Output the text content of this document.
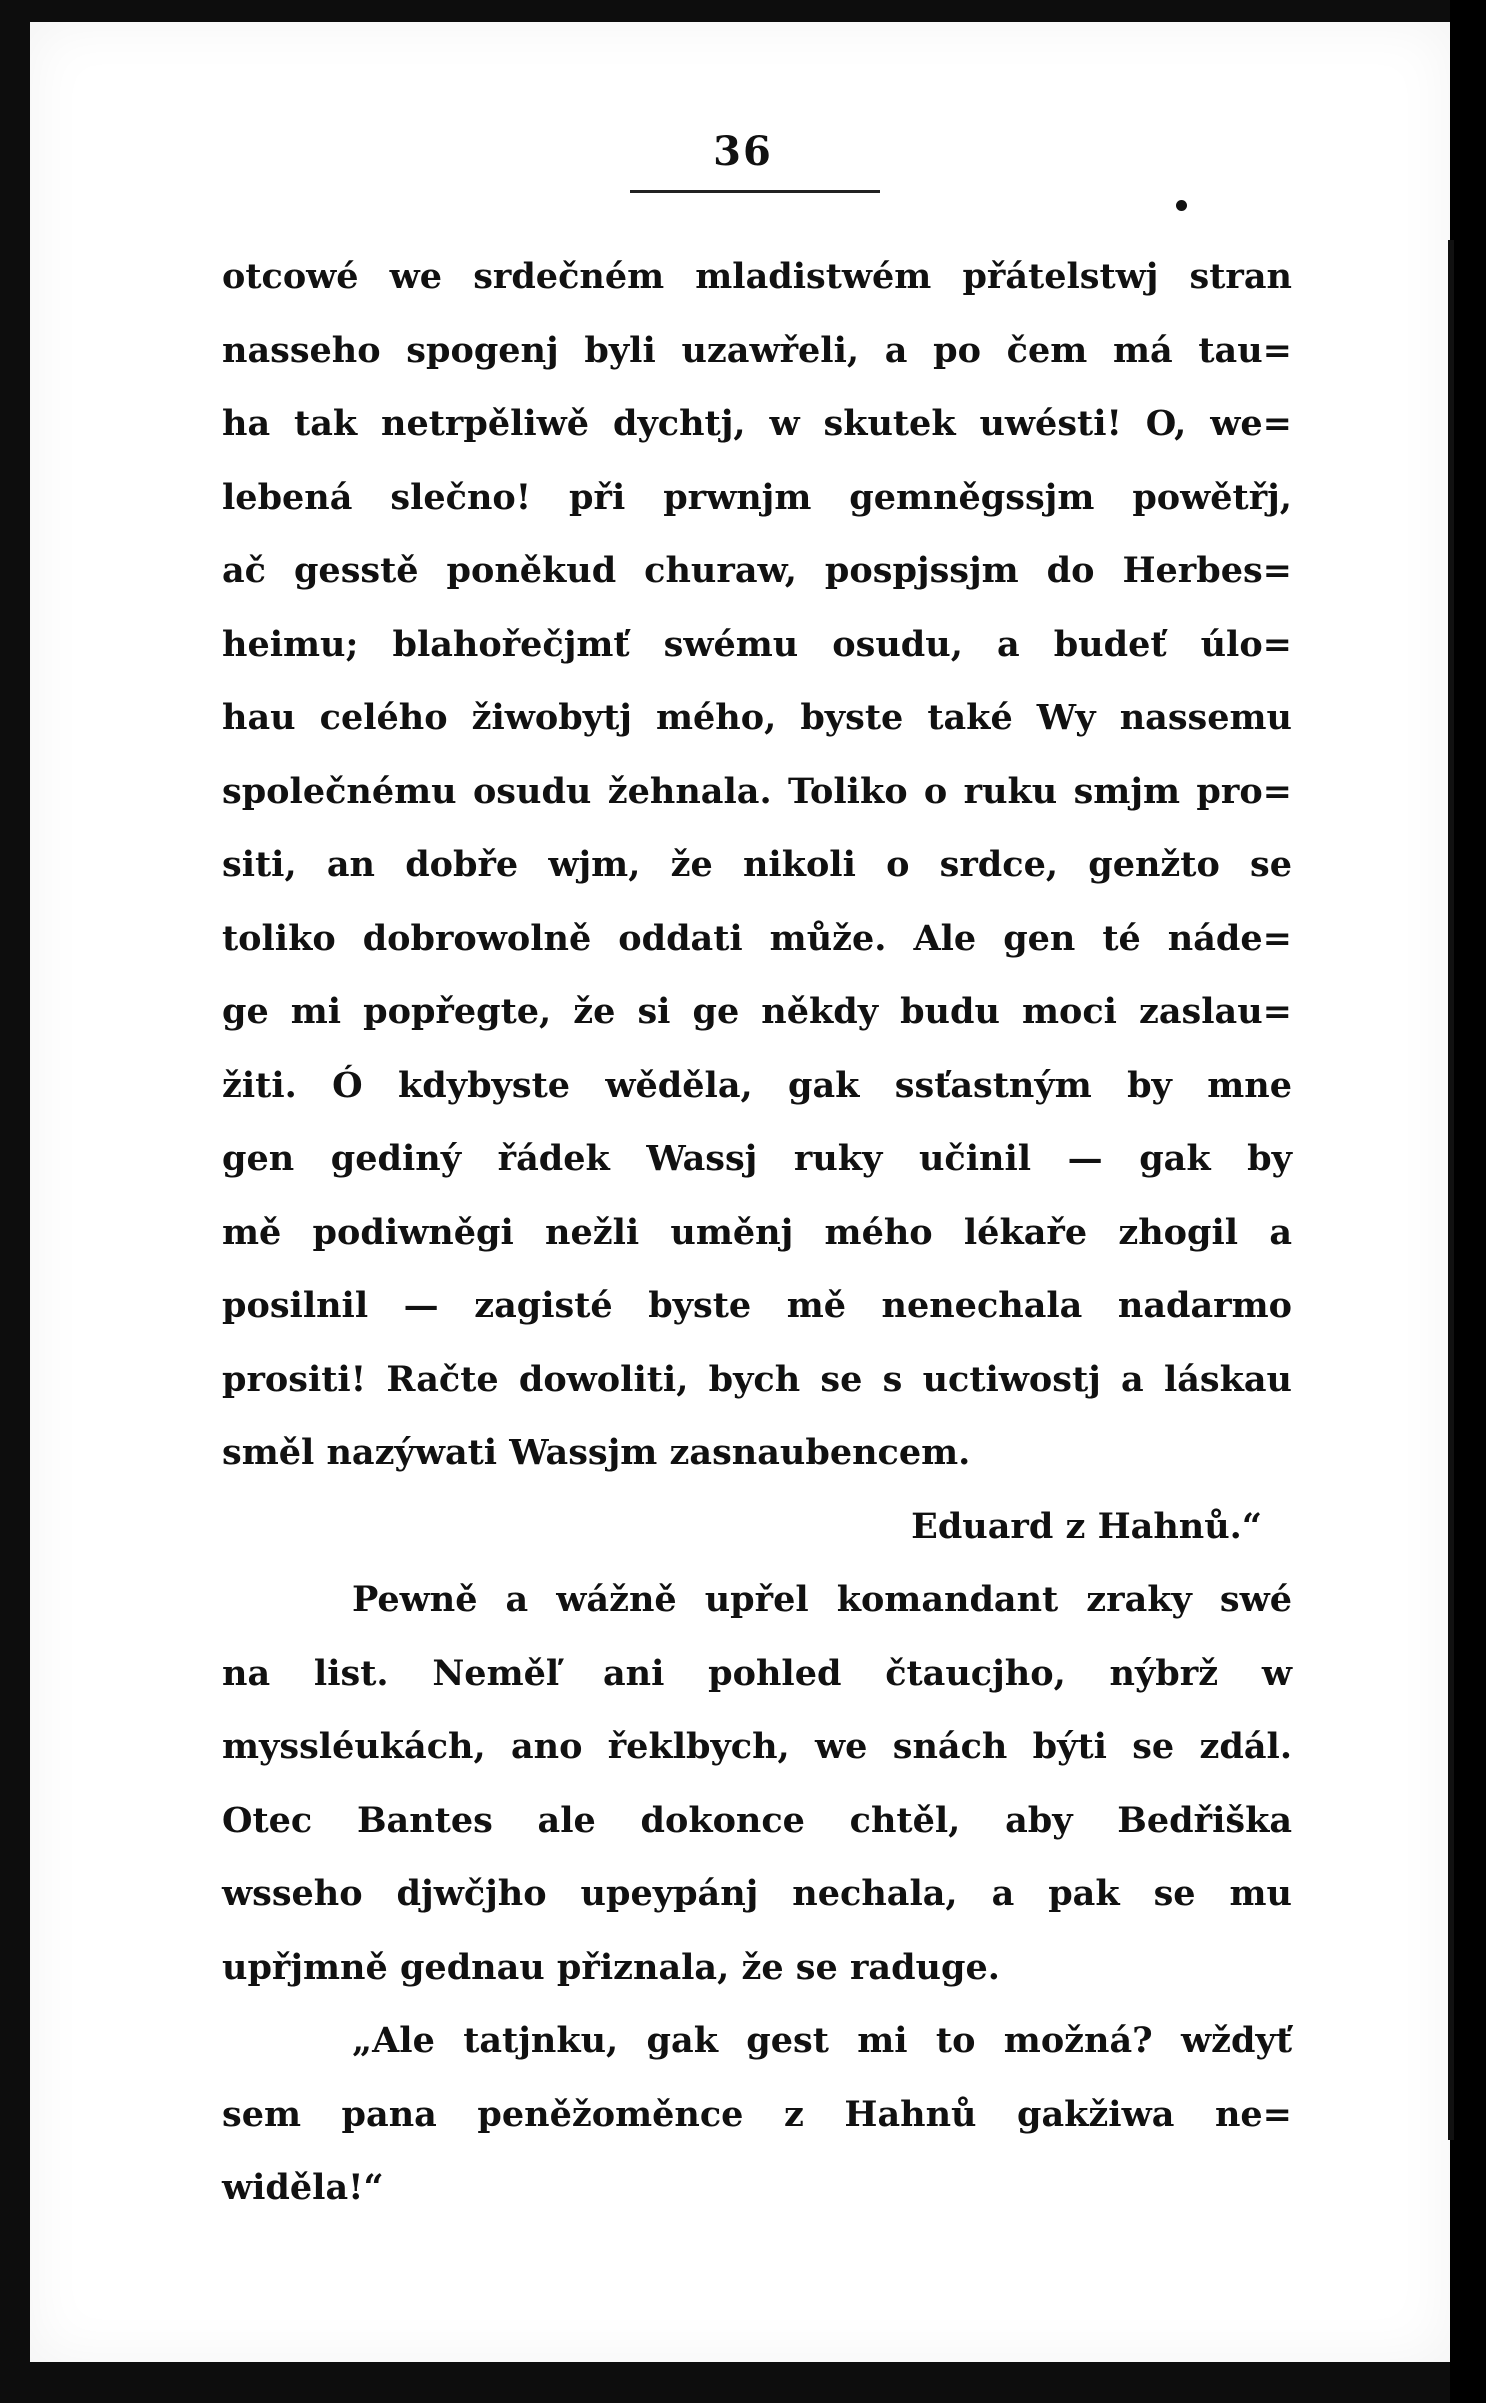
36
otcowé we srdečném mladistwém přátelstwj stran
nasseho spogenj byli uzawřeli, a po čem má tau=
ha tak netrpěliwě dychtj, w skutek uwésti! O, we=
lebená slečno! při prwnjm gemněgssjm powětřj,
ač gesstě poněkud churaw, pospjssjm do Herbes=
heimu; blahořečjmť swému osudu, a budeť úlo=
hau celého žiwobytj mého, byste také Wy nassemu
společnému osudu žehnala. Toliko o ruku smjm pro=
siti, an dobře wjm, že nikoli o srdce, genžto se
toliko dobrowolně oddati může. Ale gen té náde=
ge mi popřegte, že si ge někdy budu moci zaslau=
žiti. Ó kdybyste wěděla, gak ssťastným by mne
gen gediný řádek Wassj ruky učinil — gak by
mě podiwněgi nežli uměnj mého lékaře zhogil a
posilnil — zagisté byste mě nenechala nadarmo
prositi! Račte dowoliti, bych se s uctiwostj a láskau
směl nazýwati Wassjm zasnaubencem.
Eduard z Hahnů.“
Pewně a wážně upřel komandant zraky swé
na list. Neměľ ani pohled čtaucjho, nýbrž w
myssléukách, ano řeklbych, we snách býti se zdál.
Otec Bantes ale dokonce chtěl, aby Bedřiška
wsseho djwčjho upeypánj nechala, a pak se mu
upřjmně gednau přiznala, že se raduge.
„Ale tatjnku, gak gest mi to možná? wždyť
sem pana peněžoměnce z Hahnů gakžiwa ne=
widěla!“
